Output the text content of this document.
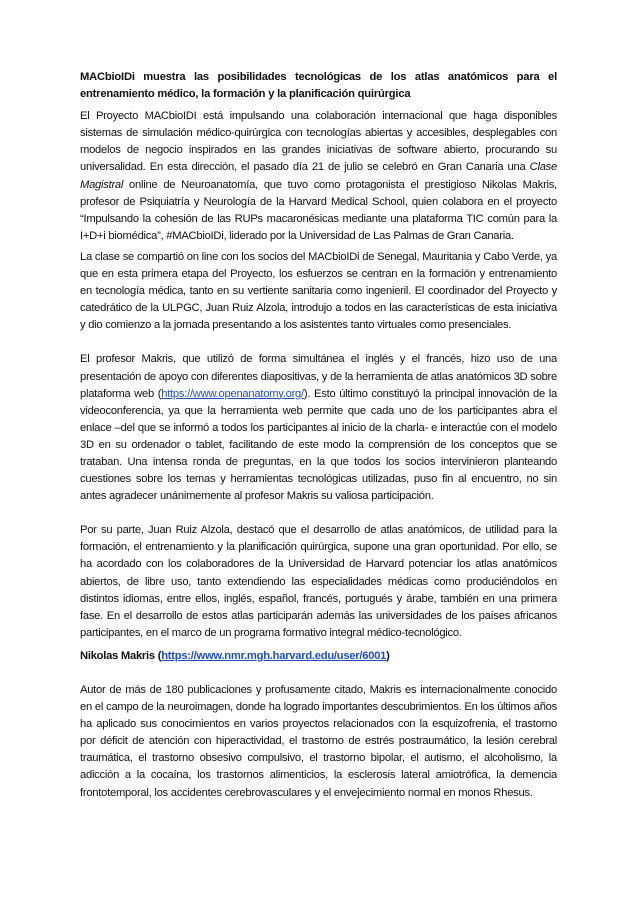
MACbioIDi muestra las posibilidades tecnológicas de los atlas anatómicos para el entrenamiento médico, la formación y la planificación quirúrgica

El Proyecto MACbioIDI está impulsando una colaboración internacional que haga disponibles sistemas de simulación médico-quirúrgica con tecnologías abiertas y accesibles, desplegables con modelos de negocio inspirados en las grandes iniciativas de software abierto, procurando su universalidad. En esta dirección, el pasado día 21 de julio se celebró en Gran Canaria una Clase Magistral online de Neuroanatomía, que tuvo como protagonista el prestigioso Nikolas Makris, profesor de Psiquiatría y Neurología de la Harvard Medical School, quien colabora en el proyecto “Impulsando la cohesión de las RUPs macaronésicas mediante una plataforma TIC común para la I+D+i biomédica”, #MACbioIDi, liderado por la Universidad de Las Palmas de Gran Canaria.

La clase se compartió on line con los socios del MACbioIDi de Senegal, Mauritania y Cabo Verde, ya que en esta primera etapa del Proyecto, los esfuerzos se centran en la formación y entrenamiento en tecnología médica, tanto en su vertiente sanitaria como ingenieril. El coordinador del Proyecto y catedrático de la ULPGC, Juan Ruiz Alzola, introdujo a todos en las características de esta iniciativa y dio comienzo a la jornada presentando a los asistentes tanto virtuales como presenciales.

El profesor Makris, que utilizó de forma simultánea el inglés y el francés, hizo uso de una presentación de apoyo con diferentes diapositivas, y de la herramienta de atlas anatómicos 3D sobre plataforma web (https://www.openanatomy.org/). Esto último constituyó la principal innovación de la videoconferencia, ya que la herramienta web permite que cada uno de los participantes abra el enlace –del que se informó a todos los participantes al inicio de la charla- e interactúe con el modelo 3D en su ordenador o tablet, facilitando de este modo la comprensión de los conceptos que se trataban. Una intensa ronda de preguntas, en la que todos los socios intervinieron planteando cuestiones sobre los temas y herramientas tecnológicas utilizadas, puso fin al encuentro, no sin antes agradecer unánimemente al profesor Makris su valiosa participación.

Por su parte, Juan Ruiz Alzola, destacó que el desarrollo de atlas anatómicos, de utilidad para la formación, el entrenamiento y la planificación quirúrgica, supone una gran oportunidad. Por ello, se ha acordado con los colaboradores de la Universidad de Harvard potenciar los atlas anatómicos abiertos, de libre uso, tanto extendiendo las especialidades médicas como produciéndolos en distintos idiomas, entre ellos, inglés, español, francés, portugués y árabe, también en una primera fase. En el desarrollo de estos atlas participarán además las universidades de los países africanos participantes, en el marco de un programa formativo integral médico-tecnológico.

Nikolas Makris (https://www.nmr.mgh.harvard.edu/user/6001)

Autor de más de 180 publicaciones y profusamente citado, Makris es internacionalmente conocido en el campo de la neuroimagen, donde ha logrado importantes descubrimientos. En los últimos años ha aplicado sus conocimientos en varios proyectos relacionados con la esquizofrenia, el trastorno por déficit de atención con hiperactividad, el trastorno de estrés postraumático, la lesión cerebral traumática, el trastorno obsesivo compulsivo, el trastorno bipolar, el autismo, el alcoholismo, la adicción a la cocaína, los trastornos alimenticios, la esclerosis lateral amiotrófica, la demencia frontotemporal, los accidentes cerebrovasculares y el envejecimiento normal en monos Rhesus.
